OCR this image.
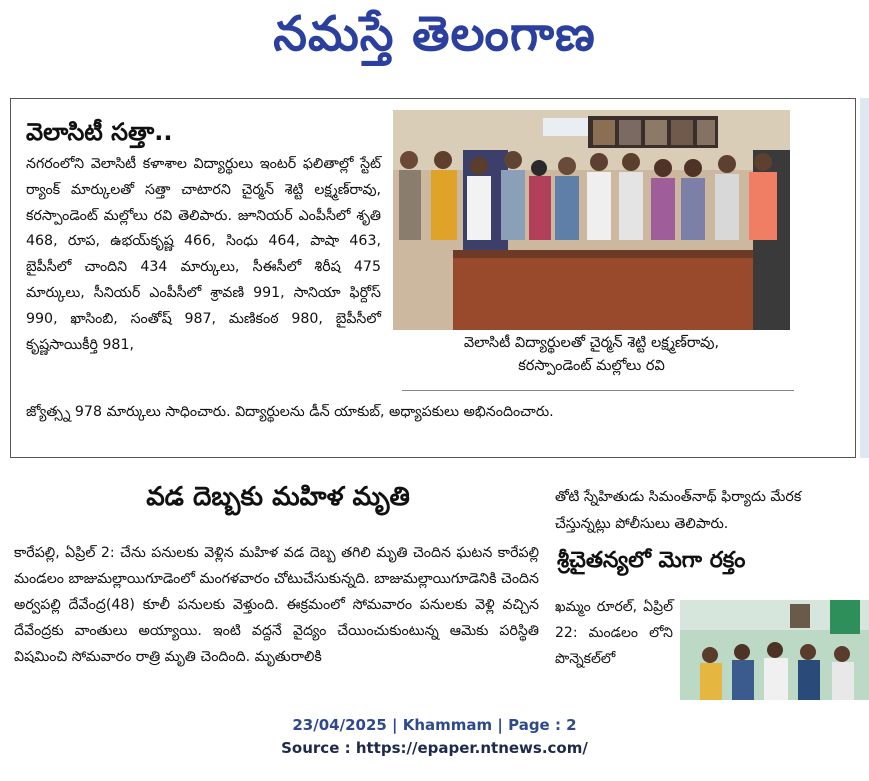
నమస్తే తెలంగాణ
వెలాసిటీ సత్తా..

నగరంలోని వెలాసిటీ కళాశాల విద్యార్థులు ఇంటర్ ఫలితాల్లో స్టేట్ ర్యాంక్ మార్కులతో సత్తా చాటారని చైర్మన్ శెట్టి లక్ష్మణ్‌రావు, కరస్పాండెంట్ మల్లోలు రవి తెలిపారు. జూనియర్ ఎంపీసీలో శృతి 468, రూప, ఉభయ్‌కృష్ణ 466, సింధు 464, పాషా 463, బైపీసీలో చాందిని 434 మార్కులు, సీఈసీలో శిరీష 475 మార్కులు, సీనియర్ ఎంపీసీలో శ్రావణి 991, సానియా ఫిర్దోస్ 990, ఖాసింబి, సంతోష్ 987, మణికంఠ 980, బైపీసీలో కృష్ణసాయికీర్తి 981,

జ్యోత్స్న 978 మార్కులు సాధించారు. విద్యార్థులను డీన్ యాకుబ్, అధ్యాపకులు అభినందించారు.

వెలాసిటీ విద్యార్థులతో చైర్మన్ శెట్టి లక్ష్మణ్‌రావు,
కరస్పాండెంట్ మల్లోలు రవి

వడ దెబ్బకు మహిళ మృతి

కారేపల్లి, ఏప్రిల్ 2: చేను పనులకు వెళ్లిన మహిళ వడ దెబ్బ తగిలి మృతి చెందిన ఘటన కారేపల్లి మండలం బాజుమల్లాయిగూడెంలో మంగళవారం చోటుచేసుకున్నది. బాజుమల్లాయిగూడెనికి చెందిన అర్వపల్లి దేవేంద్ర(48) కూలీ పనులకు వెళ్తుంది. ఈక్రమంలో సోమవారం పనులకు వెళ్లి వచ్చిన దేవేంద్రకు వాంతులు అయ్యాయి. ఇంటి వద్దనే వైద్యం చేయించుకుంటున్న ఆమెకు పరిస్థితి విషమించి సోమవారం రాత్రి మృతి చెందింది. మృతురాలికి

తోటి స్నేహితుడు సిమంత్‌నాథ్ ఫిర్యాదు మేరక
చేస్తున్నట్లు పోలీసులు తెలిపారు.

శ్రీచైతన్యలో మెగా రక్తం

ఖమ్మం రూరల్, ఏప్రిల్ 22: మండలం లోని పొన్నెకల్‌లో

23/04/2025 | Khammam | Page : 2
Source : https://epaper.ntnews.com/
